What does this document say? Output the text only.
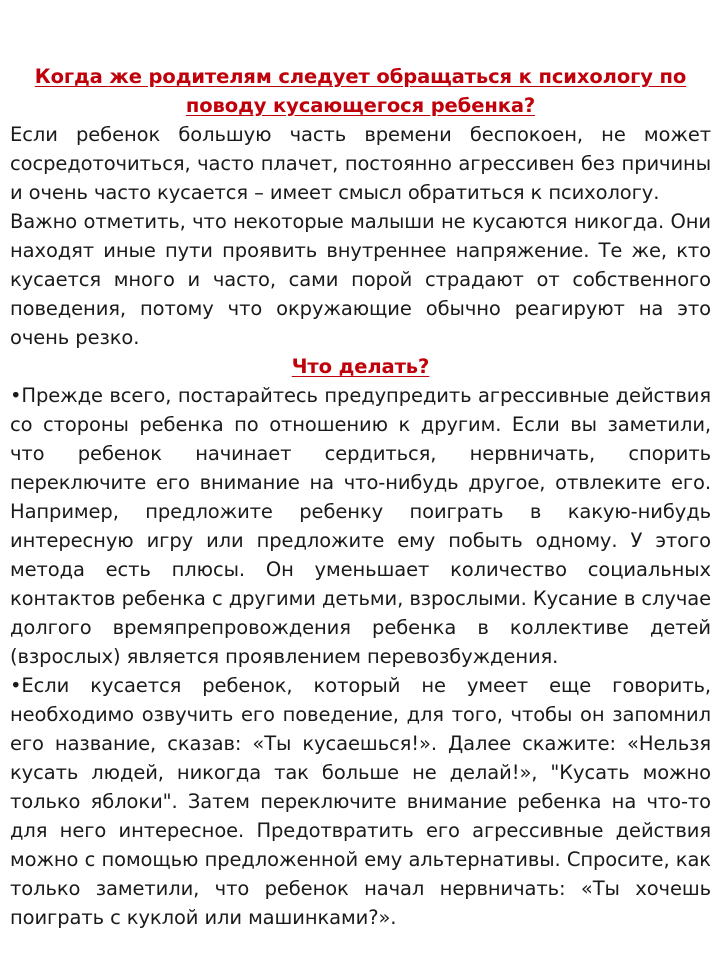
Когда же родителям следует обращаться к психологу по поводу кусающегося ребенка?

Если ребенок большую часть времени беспокоен, не может сосредоточиться, часто плачет, постоянно агрессивен без причины и очень часто кусается – имеет смысл обратиться к психологу.

Важно отметить, что некоторые малыши не кусаются никогда. Они находят иные пути проявить внутреннее напряжение. Те же, кто кусается много и часто, сами порой страдают от собственного поведения, потому что окружающие обычно реагируют на это очень резко.

Что делать?

•Прежде всего, постарайтесь предупредить агрессивные действия со стороны ребенка по отношению к другим. Если вы заметили, что ребенок начинает сердиться, нервничать, спорить переключите его внимание на что-нибудь другое, отвлеките его. Например, предложите ребенку поиграть в какую-нибудь интересную игру или предложите ему побыть одному. У этого метода есть плюсы. Он уменьшает количество социальных контактов ребенка с другими детьми, взрослыми. Кусание в случае долгого времяпрепровождения ребенка в коллективе детей (взрослых) является проявлением перевозбуждения.

•Если кусается ребенок, который не умеет еще говорить, необходимо озвучить его поведение, для того, чтобы он запомнил его название, сказав: «Ты кусаешься!». Далее скажите: «Нельзя кусать людей, никогда так больше не делай!», "Кусать можно только яблоки". Затем переключите внимание ребенка на что-то для него интересное. Предотвратить его агрессивные действия можно с помощью предложенной ему альтернативы. Спросите, как только заметили, что ребенок начал нервничать: «Ты хочешь поиграть с куклой или машинками?».
